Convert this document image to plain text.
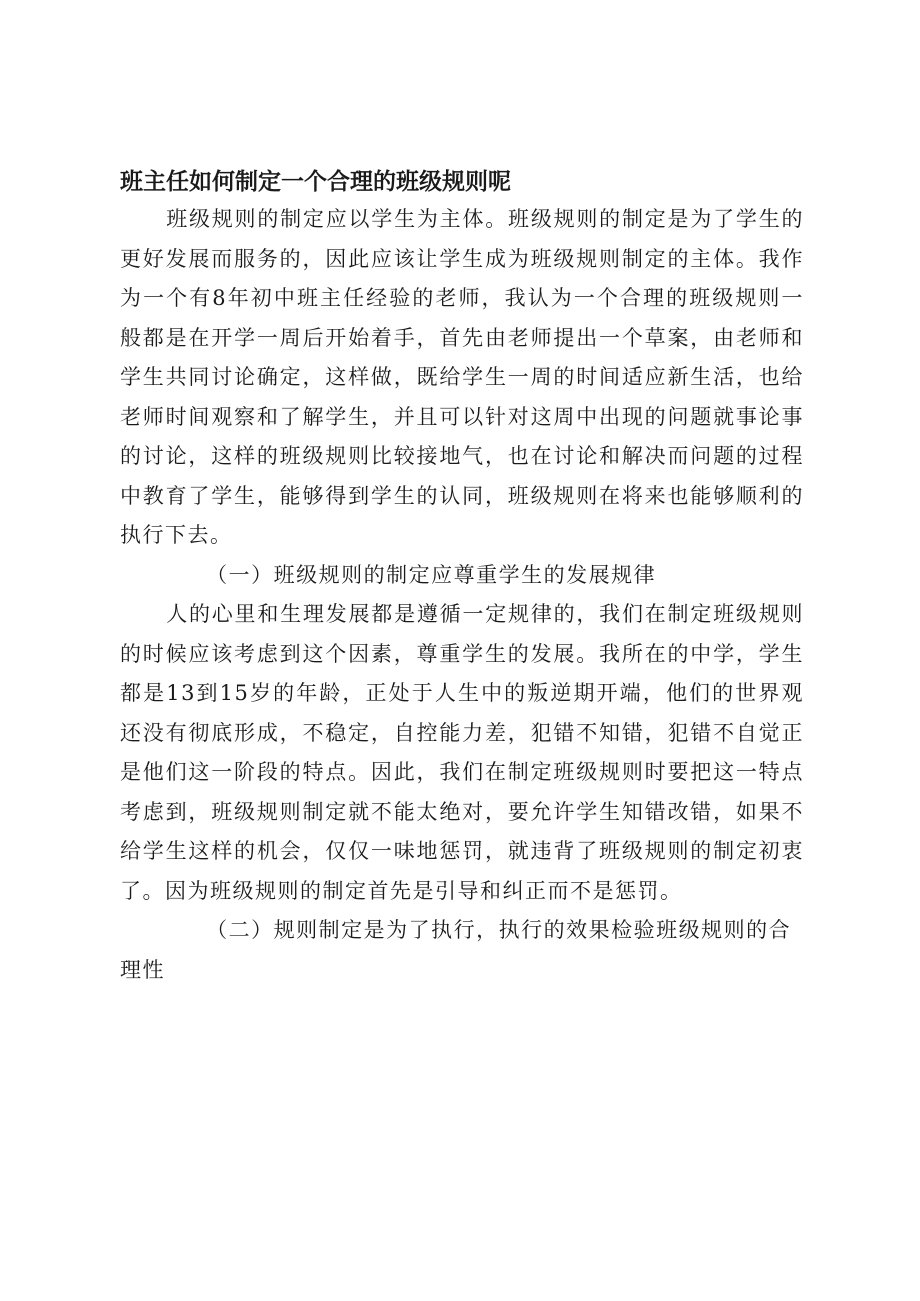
班主任如何制定一个合理的班级规则呢

班级规则的制定应以学生为主体。班级规则的制定是为了学生的更好发展而服务的，因此应该让学生成为班级规则制定的主体。我作为一个有8年初中班主任经验的老师，我认为一个合理的班级规则一般都是在开学一周后开始着手，首先由老师提出一个草案，由老师和学生共同讨论确定，这样做，既给学生一周的时间适应新生活，也给老师时间观察和了解学生，并且可以针对这周中出现的问题就事论事的讨论，这样的班级规则比较接地气，也在讨论和解决而问题的过程中教育了学生，能够得到学生的认同，班级规则在将来也能够顺利的执行下去。

（一）班级规则的制定应尊重学生的发展规律

人的心里和生理发展都是遵循一定规律的，我们在制定班级规则的时候应该考虑到这个因素，尊重学生的发展。我所在的中学，学生都是13到15岁的年龄，正处于人生中的叛逆期开端，他们的世界观还没有彻底形成，不稳定，自控能力差，犯错不知错，犯错不自觉正是他们这一阶段的特点。因此，我们在制定班级规则时要把这一特点考虑到，班级规则制定就不能太绝对，要允许学生知错改错，如果不给学生这样的机会，仅仅一味地惩罚，就违背了班级规则的制定初衷了。因为班级规则的制定首先是引导和纠正而不是惩罚。

（二）规则制定是为了执行，执行的效果检验班级规则的合理性
